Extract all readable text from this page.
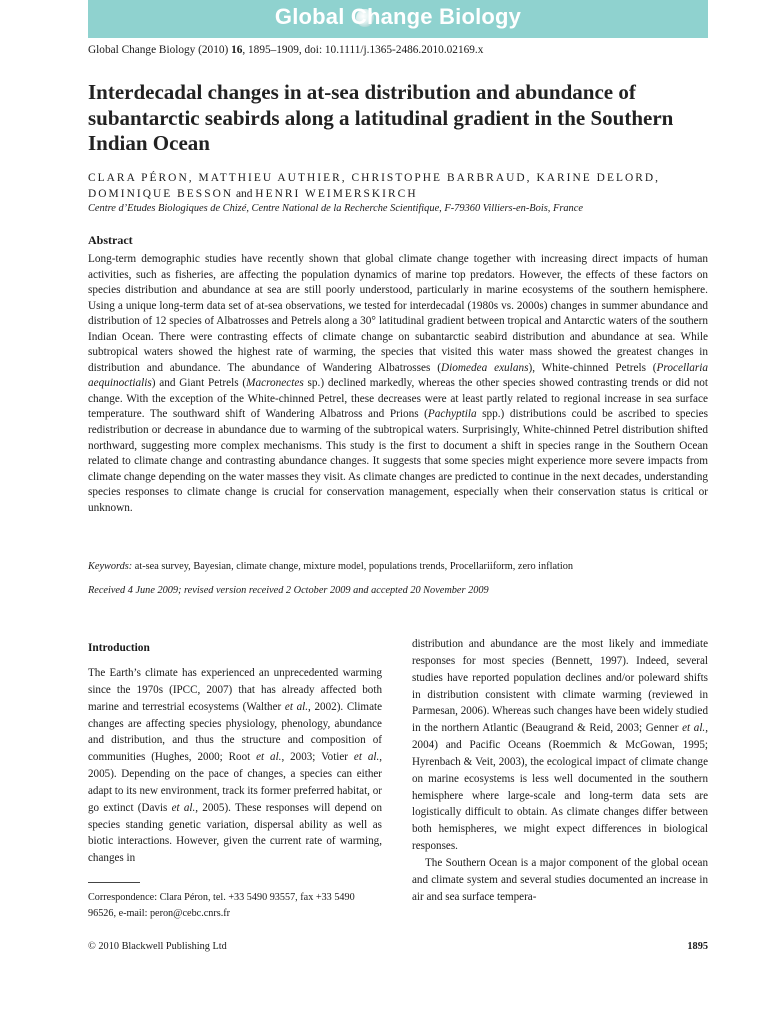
Global Change Biology
Global Change Biology (2010) 16, 1895–1909, doi: 10.1111/j.1365-2486.2010.02169.x
Interdecadal changes in at-sea distribution and abundance of subantarctic seabirds along a latitudinal gradient in the Southern Indian Ocean
CLARA PÉRON, MATTHIEU AUTHIER, CHRISTOPHE BARBRAUD, KARINE DELORD, DOMINIQUE BESSON and HENRI WEIMERSKIRCH
Centre d’Etudes Biologiques de Chizé, Centre National de la Recherche Scientifique, F-79360 Villiers-en-Bois, France
Abstract

Long-term demographic studies have recently shown that global climate change together with increasing direct impacts of human activities, such as fisheries, are affecting the population dynamics of marine top predators. However, the effects of these factors on species distribution and abundance at sea are still poorly understood, particularly in marine ecosystems of the southern hemisphere. Using a unique long-term data set of at-sea observations, we tested for interdecadal (1980s vs. 2000s) changes in summer abundance and distribution of 12 species of Albatrosses and Petrels along a 30° latitudinal gradient between tropical and Antarctic waters of the southern Indian Ocean. There were contrasting effects of climate change on subantarctic seabird distribution and abundance at sea. While subtropical waters showed the highest rate of warming, the species that visited this water mass showed the greatest changes in distribution and abundance. The abundance of Wandering Albatrosses (Diomedea exulans), White-chinned Petrels (Procellaria aequinoctialis) and Giant Petrels (Macronectes sp.) declined markedly, whereas the other species showed contrasting trends or did not change. With the exception of the White-chinned Petrel, these decreases were at least partly related to regional increase in sea surface temperature. The southward shift of Wandering Albatross and Prions (Pachyptila spp.) distributions could be ascribed to species redistribution or decrease in abundance due to warming of the subtropical waters. Surprisingly, White-chinned Petrel distribution shifted northward, suggesting more complex mechanisms. This study is the first to document a shift in species range in the Southern Ocean related to climate change and contrasting abundance changes. It suggests that some species might experience more severe impacts from climate change depending on the water masses they visit. As climate changes are predicted to continue in the next decades, understanding species responses to climate change is crucial for conservation management, especially when their conservation status is critical or unknown.

Keywords: at-sea survey, Bayesian, climate change, mixture model, populations trends, Procellariiform, zero inflation
Received 4 June 2009; revised version received 2 October 2009 and accepted 20 November 2009
Introduction

The Earth’s climate has experienced an unprecedented warming since the 1970s (IPCC, 2007) that has already affected both marine and terrestrial ecosystems (Walther et al., 2002). Climate changes are affecting species physiology, phenology, abundance and distribution, and thus the structure and composition of communities (Hughes, 2000; Root et al., 2003; Votier et al., 2005). Depending on the pace of changes, a species can either adapt to its new environment, track its former preferred habitat, or go extinct (Davis et al., 2005). These responses will depend on species standing genetic variation, dispersal ability as well as biotic interactions. However, given the current rate of warming, changes in

Correspondence: Clara Péron, tel. +33 5490 93557, fax +33 5490 96526, e-mail: peron@cebc.cnrs.fr

distribution and abundance are the most likely and immediate responses for most species (Bennett, 1997). Indeed, several studies have reported population declines and/or poleward shifts in distribution consistent with climate warming (reviewed in Parmesan, 2006). Whereas such changes have been widely studied in the northern Atlantic (Beaugrand & Reid, 2003; Genner et al., 2004) and Pacific Oceans (Roemmich & McGowan, 1995; Hyrenbach & Veit, 2003), the ecological impact of climate change on marine ecosystems is less well documented in the southern hemisphere where large-scale and long-term data sets are logistically difficult to obtain. As climate changes differ between both hemispheres, we might expect differences in biological responses.

The Southern Ocean is a major component of the global ocean and climate system and several studies documented an increase in air and sea surface tempera-

© 2010 Blackwell Publishing Ltd	1895
